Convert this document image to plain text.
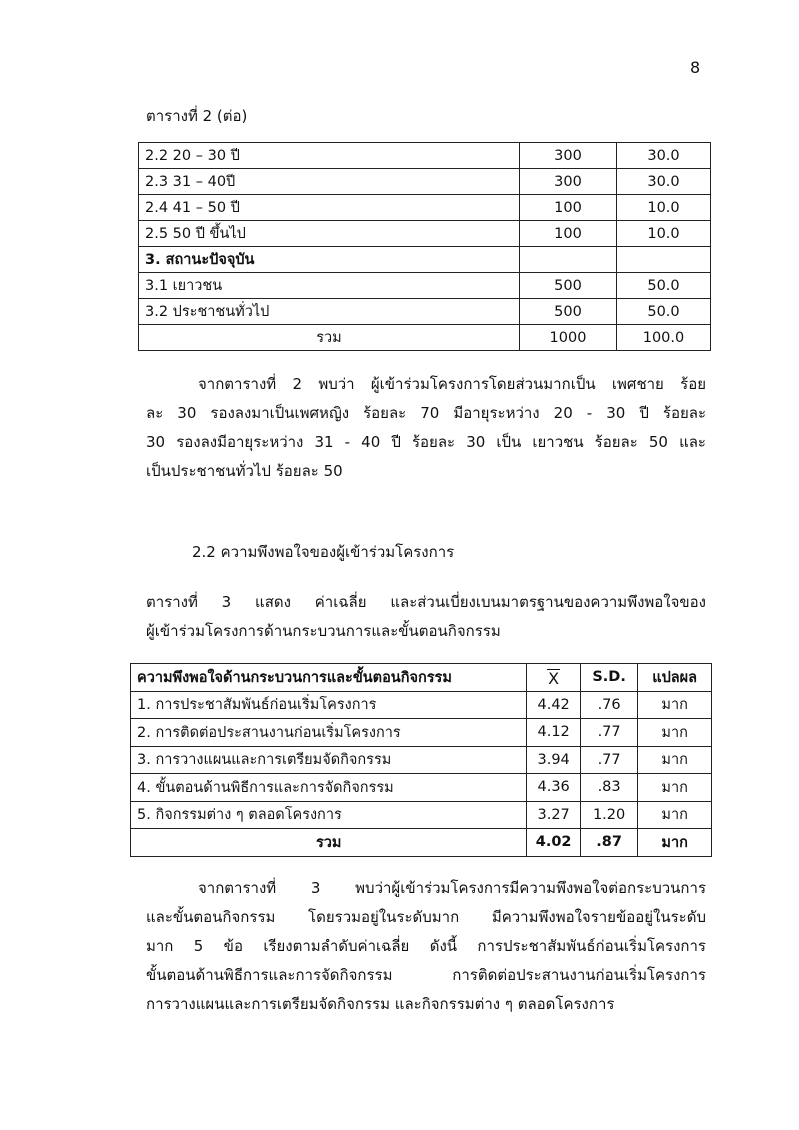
8
ตารางที่ 2 (ต่อ)
2.2 20 – 30 ปี	300	30.0
2.3 31 – 40ปี	300	30.0
2.4 41 – 50 ปี	100	10.0
2.5 50 ปี ขึ้นไป	100	10.0
3. สถานะปัจจุบัน		
3.1 เยาวชน	500	50.0
3.2 ประชาชนทั่วไป	500	50.0
รวม	1000	100.0
จากตารางที่ 2 พบว่า ผู้เข้าร่วมโครงการโดยส่วนมากเป็น เพศชาย ร้อย
ละ 30 รองลงมาเป็นเพศหญิง ร้อยละ 70 มีอายุระหว่าง 20 - 30 ปี ร้อยละ
30 รองลงมีอายุระหว่าง 31 - 40 ปี ร้อยละ 30 เป็น เยาวชน ร้อยละ 50 และ
เป็นประชาชนทั่วไป ร้อยละ 50
2.2 ความพึงพอใจของผู้เข้าร่วมโครงการ
ตารางที่ 3 แสดง ค่าเฉลี่ย และส่วนเบี่ยงเบนมาตรฐานของความพึงพอใจของ
ผู้เข้าร่วมโครงการด้านกระบวนการและขั้นตอนกิจกรรม
ความพึงพอใจด้านกระบวนการและขั้นตอนกิจกรรม	X	S.D.	แปลผล
1. การประชาสัมพันธ์ก่อนเริ่มโครงการ	4.42	.76	มาก
2. การติดต่อประสานงานก่อนเริ่มโครงการ	4.12	.77	มาก
3. การวางแผนและการเตรียมจัดกิจกรรม	3.94	.77	มาก
4. ขั้นตอนด้านพิธีการและการจัดกิจกรรม	4.36	.83	มาก
5. กิจกรรมต่าง ๆ ตลอดโครงการ	3.27	1.20	มาก
รวม	4.02	.87	มาก
จากตารางที่ 3 พบว่าผู้เข้าร่วมโครงการมีความพึงพอใจต่อกระบวนการ
และขั้นตอนกิจกรรม โดยรวมอยู่ในระดับมาก มีความพึงพอใจรายข้ออยู่ในระดับ
มาก 5 ข้อ เรียงตามลำดับค่าเฉลี่ย ดังนี้ การประชาสัมพันธ์ก่อนเริ่มโครงการ
ขั้นตอนด้านพิธีการและการจัดกิจกรรม การติดต่อประสานงานก่อนเริ่มโครงการ
การวางแผนและการเตรียมจัดกิจกรรม และกิจกรรมต่าง ๆ ตลอดโครงการ
